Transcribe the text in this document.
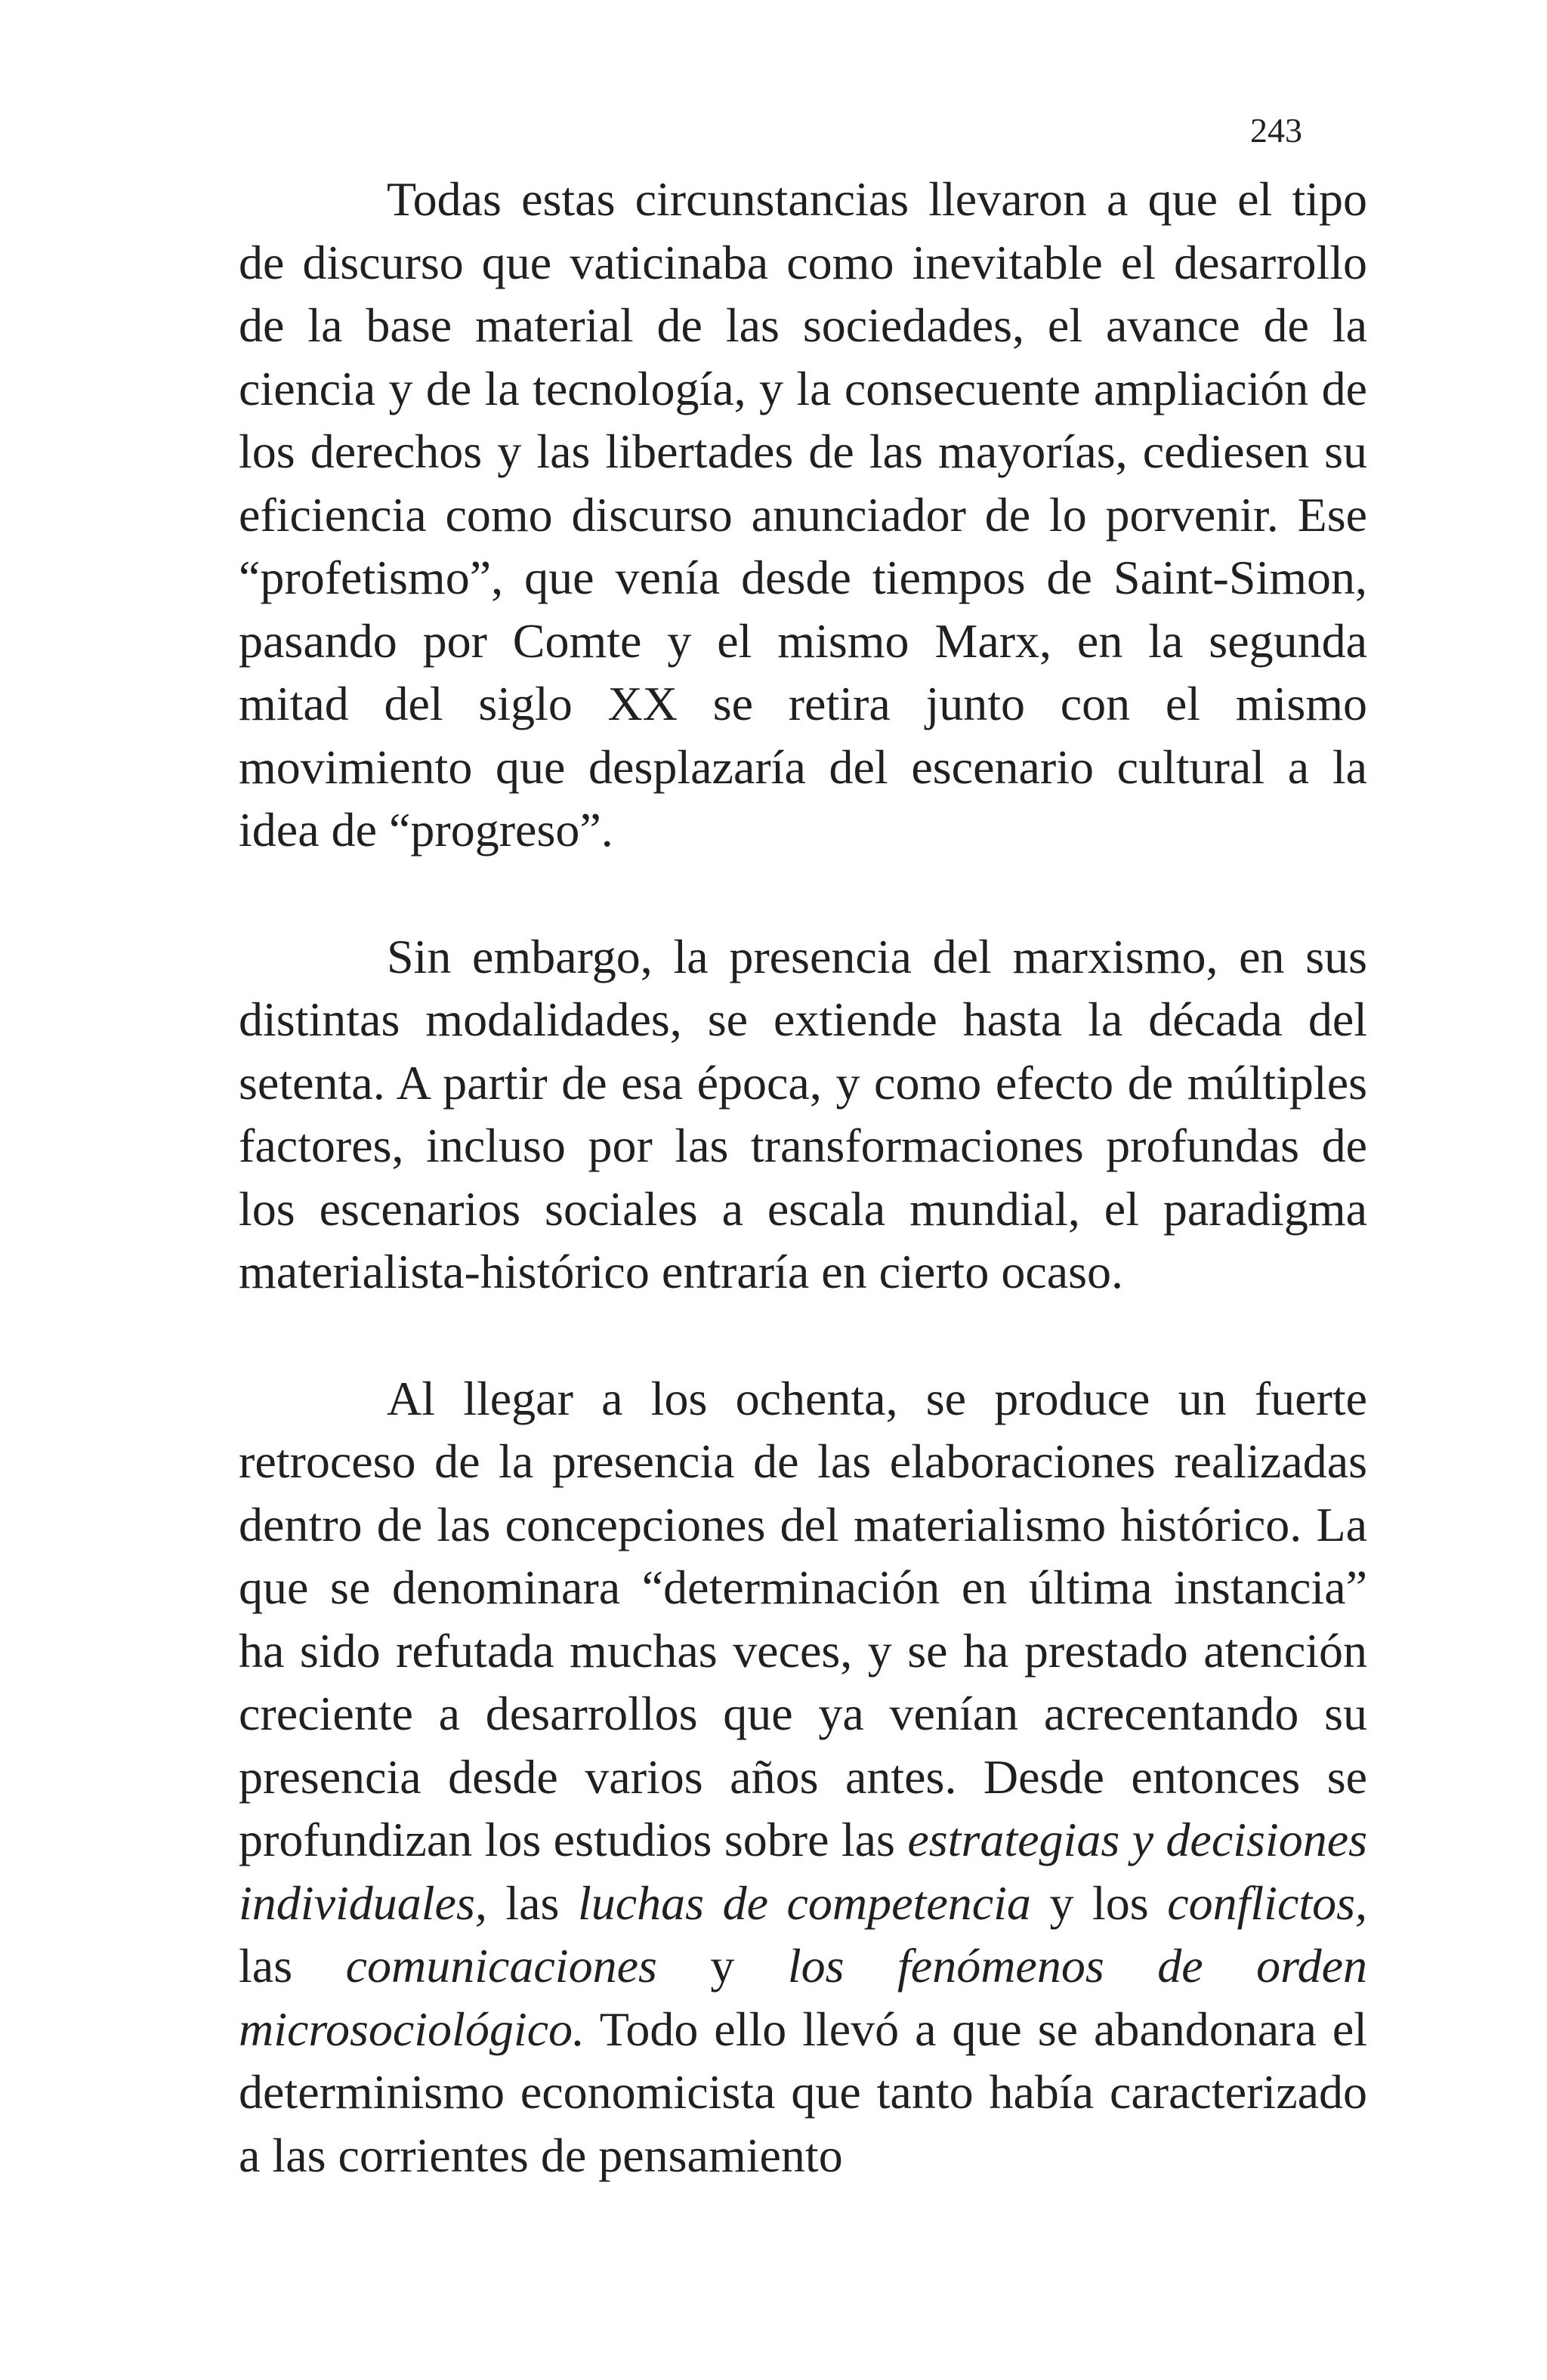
243

Todas estas circunstancias llevaron a que el tipo de discurso que vaticinaba como inevitable el desarrollo de la base material de las sociedades, el avance de la ciencia y de la tecnología, y la consecuente ampliación de los derechos y las libertades de las mayorías, cediesen su eficiencia como discurso anunciador de lo porvenir. Ese “profetismo”, que venía desde tiempos de Saint-Simon, pasando por Comte y el mismo Marx, en la segunda mitad del siglo XX se retira junto con el mismo movimiento que desplazaría del escenario cultural a la idea de “progreso”.

Sin embargo, la presencia del marxismo, en sus distintas modalidades, se extiende hasta la década del setenta. A partir de esa época, y como efecto de múltiples factores, incluso por las transformaciones profundas de los escenarios sociales a escala mundial, el paradigma materialista-histórico entraría en cierto ocaso.

Al llegar a los ochenta, se produce un fuerte retroceso de la presencia de las elaboraciones realizadas dentro de las concepciones del materialismo histórico. La que se denominara “determinación en última instancia” ha sido refutada muchas veces, y se ha prestado atención creciente a desarrollos que ya venían acrecentando su presencia desde varios años antes. Desde entonces se profundizan los estudios sobre las estrategias y decisiones individuales, las luchas de competencia y los conflictos, las comunicaciones y los fenómenos de orden microsociológico. Todo ello llevó a que se abandonara el determinismo economicista que tanto había caracterizado a las corrientes de pensamiento
